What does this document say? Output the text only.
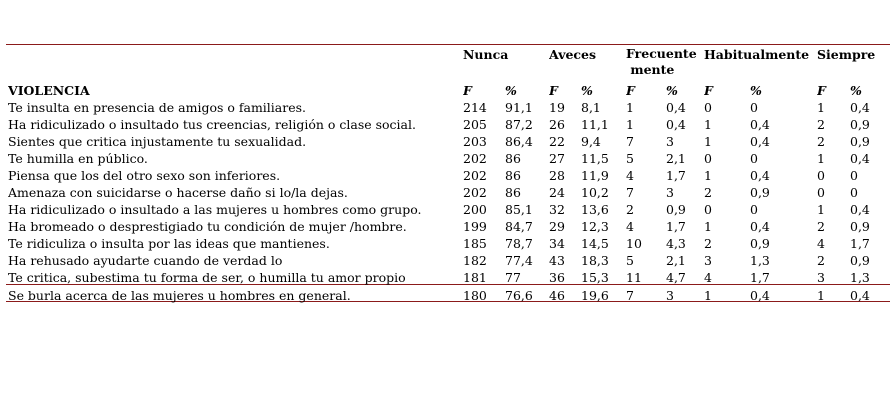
	Nunca		Aveces		Frecuente
mente		Habitualmente		Siempre	
VIOLENCIA	F	%	F	%	F	%	F	%	F	%
Te insulta en presencia de amigos o familiares.	214	91,1	19	8,1	1	0,4	0	0	1	0,4
Ha ridiculizado o insultado tus creencias, religión o clase social.	205	87,2	26	11,1	1	0,4	1	0,4	2	0,9
Sientes que critica injustamente tu sexualidad.	203	86,4	22	9,4	7	3	1	0,4	2	0,9
Te humilla en público.	202	86	27	11,5	5	2,1	0	0	1	0,4
Piensa que los del otro sexo son inferiores.	202	86	28	11,9	4	1,7	1	0,4	0	0
Amenaza con suicidarse o hacerse daño si lo/la dejas.	202	86	24	10,2	7	3	2	0,9	0	0
Ha ridiculizado o insultado a las mujeres u hombres como grupo.	200	85,1	32	13,6	2	0,9	0	0	1	0,4
Ha bromeado o desprestigiado tu condición de mujer /hombre.	199	84,7	29	12,3	4	1,7	1	0,4	2	0,9
Te ridiculiza o insulta por las ideas que mantienes.	185	78,7	34	14,5	10	4,3	2	0,9	4	1,7
Ha rehusado ayudarte cuando de verdad lo	182	77,4	43	18,3	5	2,1	3	1,3	2	0,9
Te critica, subestima tu forma de ser, o humilla tu amor propio	181	77	36	15,3	11	4,7	4	1,7	3	1,3
Se burla acerca de las mujeres u hombres en general.	180	76,6	46	19,6	7	3	1	0,4	1	0,4
